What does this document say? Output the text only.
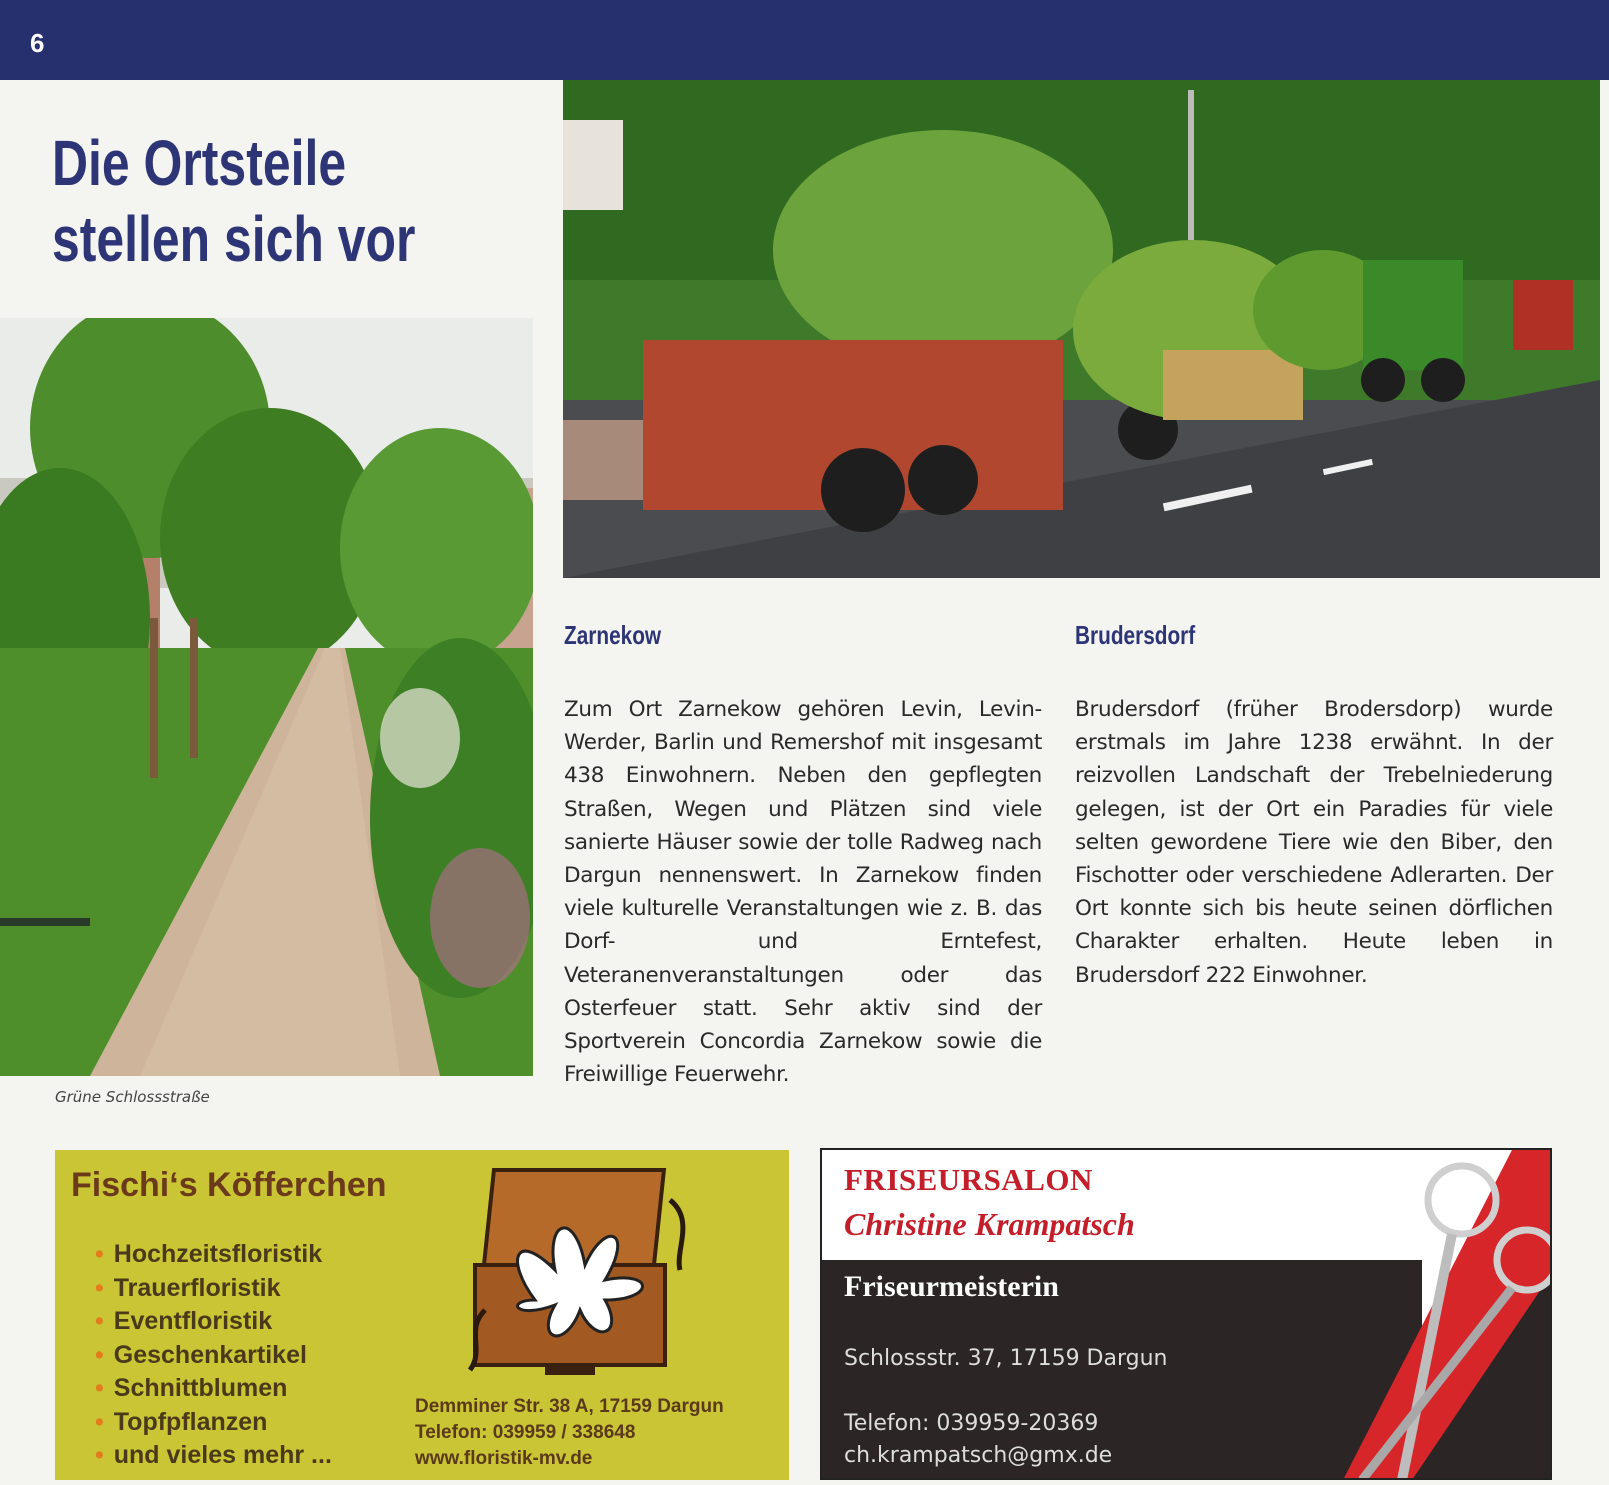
6
Die Ortsteile
stellen sich vor
Grüne Schlossstraße
Zarnekow

Zum Ort Zarnekow gehören Levin, Levin-Werder, Barlin und Remershof mit insgesamt 438 Einwohnern. Neben den gepflegten Straßen, Wegen und Plätzen sind viele sanierte Häuser sowie der tolle Radweg nach Dargun nennenswert. In Zarnekow finden viele kulturelle Veranstaltungen wie z. B. das Dorf- und Erntefest, Veteranenveranstaltungen oder das Osterfeuer statt. Sehr aktiv sind der Sportverein Concordia Zarnekow sowie die Freiwillige Feuerwehr.

Brudersdorf

Brudersdorf (früher Brodersdorp) wurde erstmals im Jahre 1238 erwähnt. In der reizvollen Landschaft der Trebelniederung gelegen, ist der Ort ein Paradies für viele selten gewordene Tiere wie den Biber, den Fischotter oder verschiedene Adlerarten. Der Ort konnte sich bis heute seinen dörflichen Charakter erhalten. Heute leben in Brudersdorf 222 Einwohner.

Fischi‘s Köfferchen
• Hochzeitsfloristik
• Trauerfloristik
• Eventfloristik
• Geschenkartikel
• Schnittblumen
• Topfpflanzen
• und vieles mehr ...
Demminer Str. 38 A, 17159 Dargun
Telefon: 039959 / 338648
www.floristik-mv.de
FRISEURSALON
Christine Krampatsch
Friseurmeisterin
Schlossstr. 37, 17159 Dargun
Telefon: 039959-20369
ch.krampatsch@gmx.de
